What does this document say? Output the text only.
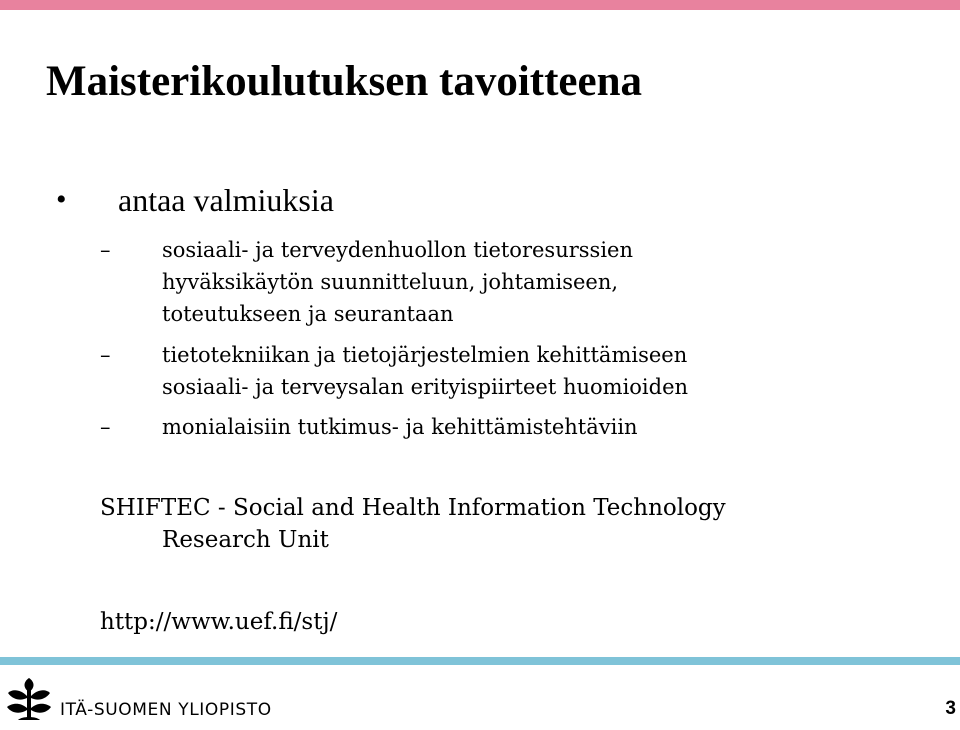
Maisterikoulutuksen tavoitteena
• antaa valmiuksia
–	sosiaali- ja terveydenhuollon tietoresurssien
hyväksikäytön suunnitteluun, johtamiseen,
toteutukseen ja seurantaan
–	tietotekniikan ja tietojärjestelmien kehittämiseen
sosiaali- ja terveysalan erityispiirteet huomioiden
–	monialaisiin tutkimus- ja kehittämistehtäviin
SHIFTEC - Social and Health Information Technology
Research Unit
http://www.uef.fi/stj/
ITÄ-SUOMEN YLIOPISTO	3
